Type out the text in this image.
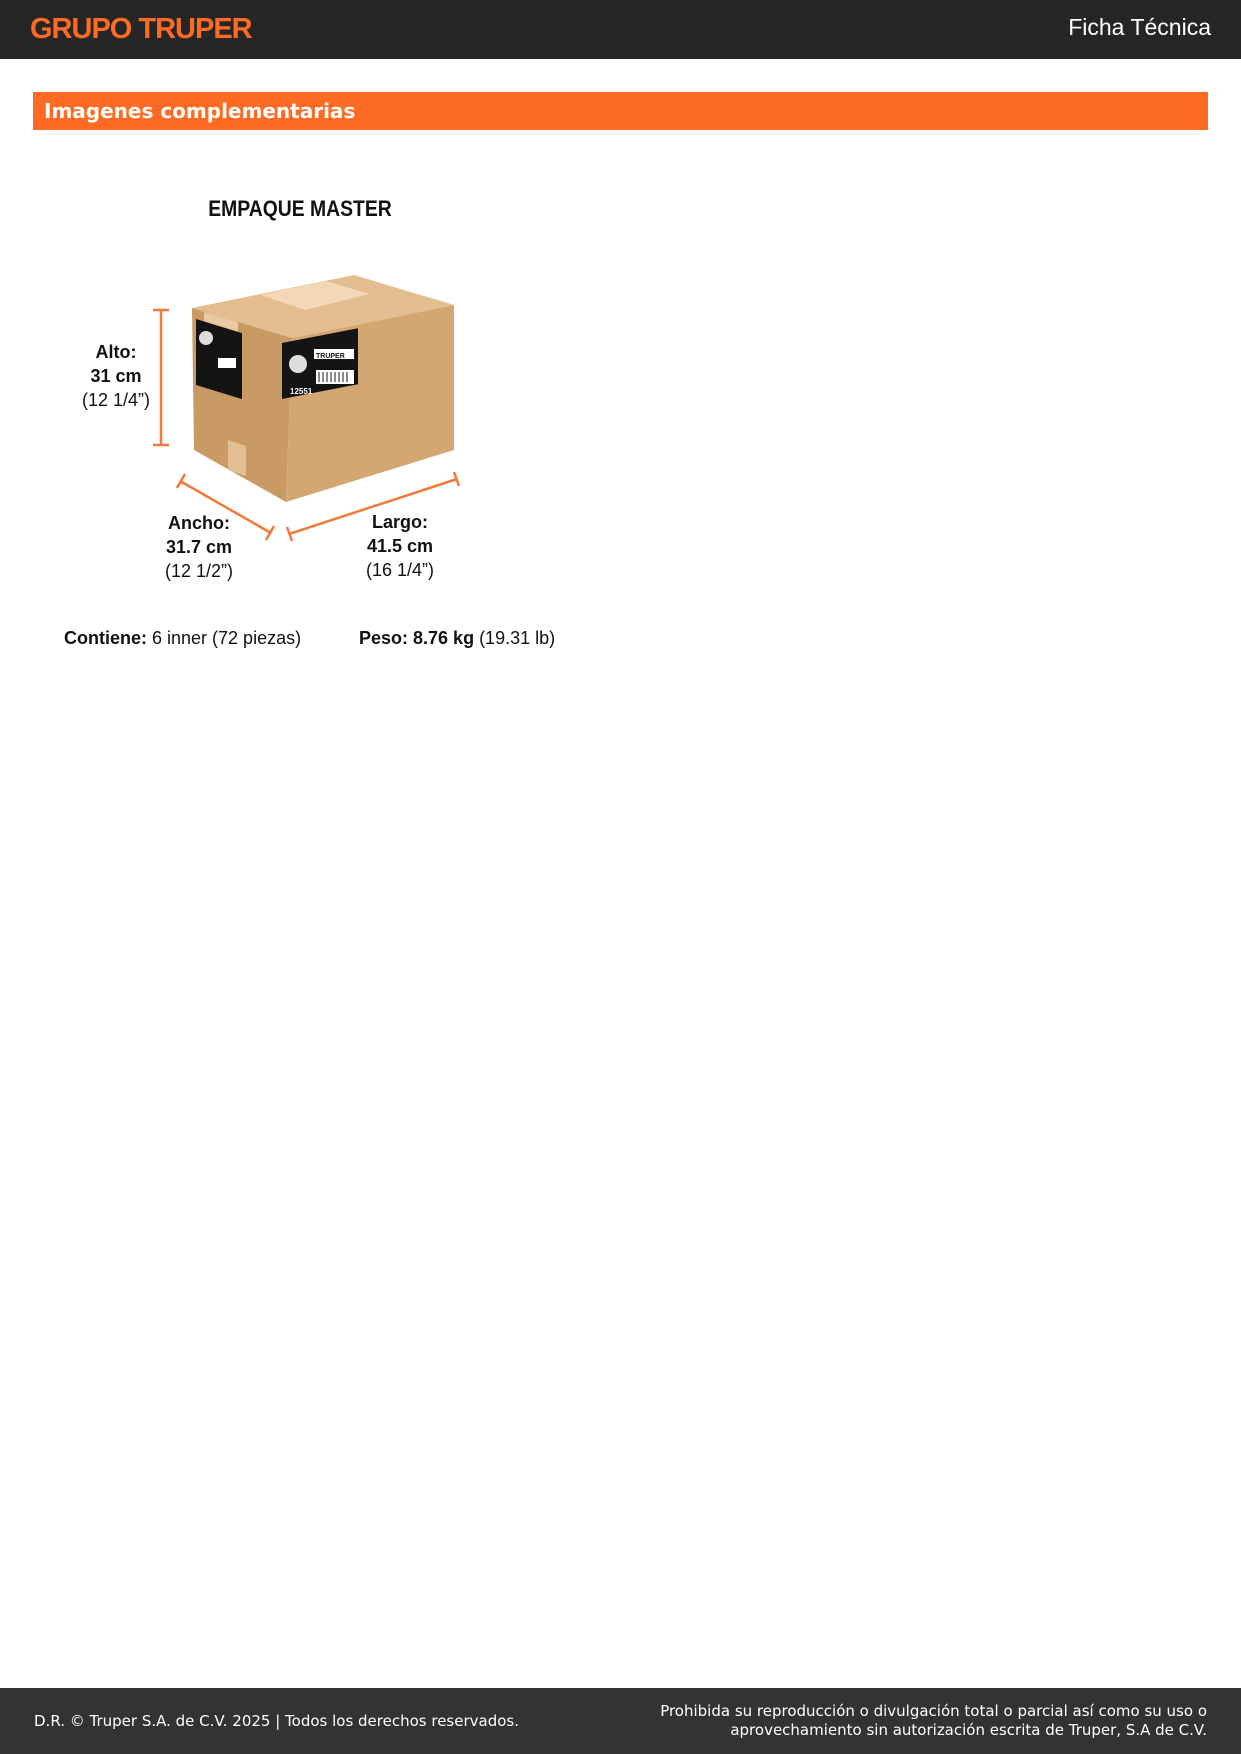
GRUPO TRUPER	Ficha Técnica
Imagenes complementarias
EMPAQUE MASTER
12551
TRUPER
Alto:
31 cm
(12 1/4”)
Ancho:
31.7 cm
(12 1/2”)
Largo:
41.5 cm
(16 1/4”)
Contiene: 6 inner (72 piezas)	Peso: 8.76 kg (19.31 lb)
D.R. © Truper S.A. de C.V. 2025 | Todos los derechos reservados.
Prohibida su reproducción o divulgación total o parcial así como su uso o
aprovechamiento sin autorización escrita de Truper, S.A de C.V.
